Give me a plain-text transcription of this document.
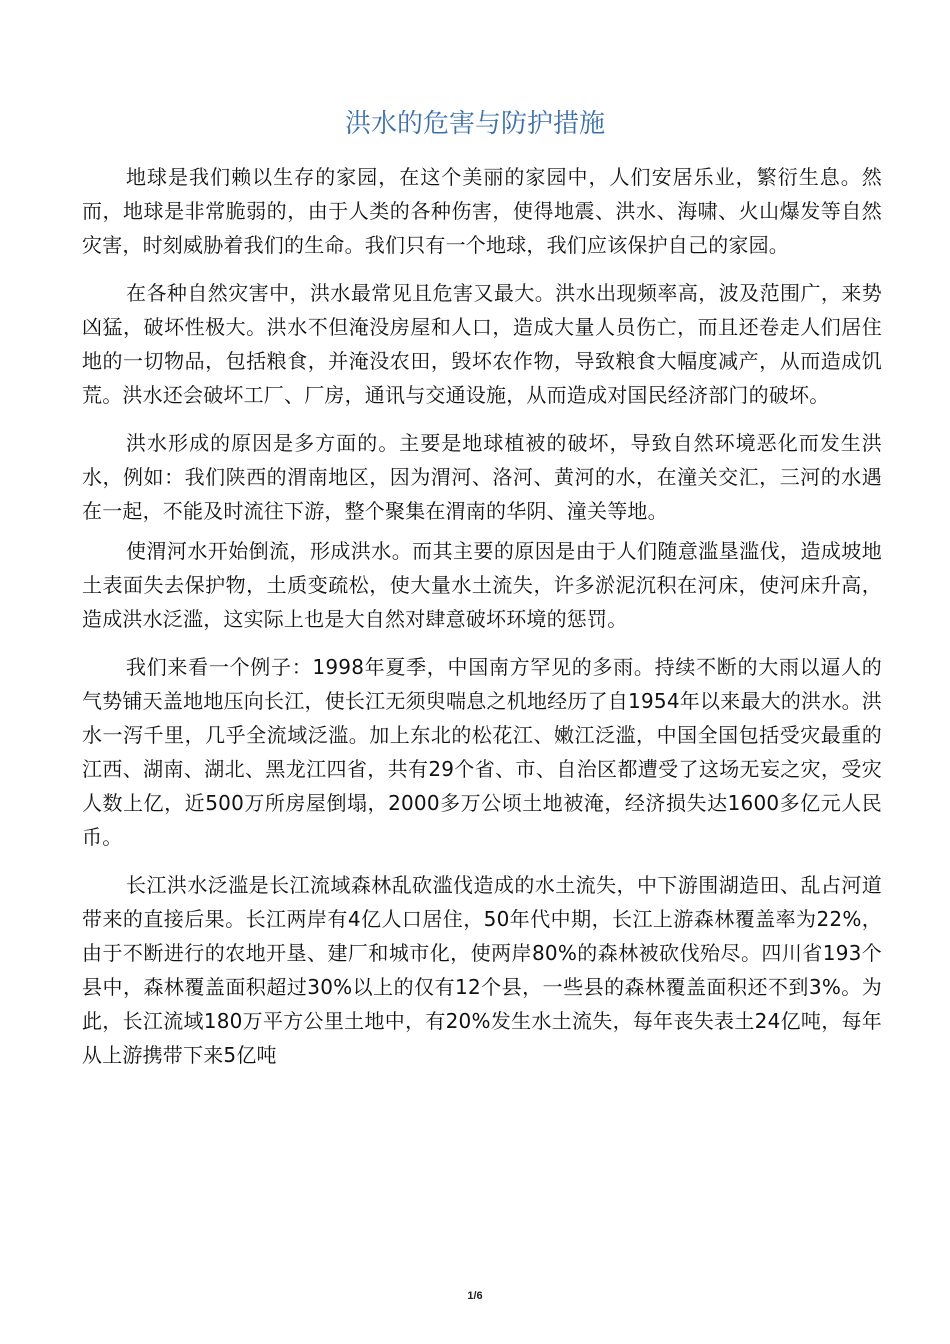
洪水的危害与防护措施

地球是我们赖以生存的家园，在这个美丽的家园中，人们安居乐业，繁衍生息。然而，地球是非常脆弱的，由于人类的各种伤害，使得地震、洪水、海啸、火山爆发等自然灾害，时刻威胁着我们的生命。我们只有一个地球，我们应该保护自己的家园。

在各种自然灾害中，洪水最常见且危害又最大。洪水出现频率高，波及范围广，来势凶猛，破坏性极大。洪水不但淹没房屋和人口，造成大量人员伤亡，而且还卷走人们居住地的一切物品，包括粮食，并淹没农田，毁坏农作物，导致粮食大幅度减产，从而造成饥荒。洪水还会破坏工厂、厂房，通讯与交通设施，从而造成对国民经济部门的破坏。

洪水形成的原因是多方面的。主要是地球植被的破坏，导致自然环境恶化而发生洪水，例如：我们陕西的渭南地区，因为渭河、洛河、黄河的水，在潼关交汇，三河的水遇在一起，不能及时流往下游，整个聚集在渭南的华阴、潼关等地。

使渭河水开始倒流，形成洪水。而其主要的原因是由于人们随意滥垦滥伐，造成坡地土表面失去保护物，土质变疏松，使大量水土流失，许多淤泥沉积在河床，使河床升高，造成洪水泛滥，这实际上也是大自然对肆意破坏环境的惩罚。

我们来看一个例子：1998年夏季，中国南方罕见的多雨。持续不断的大雨以逼人的气势铺天盖地地压向长江，使长江无须臾喘息之机地经历了自1954年以来最大的洪水。洪水一泻千里，几乎全流域泛滥。加上东北的松花江、嫩江泛滥，中国全国包括受灾最重的江西、湖南、湖北、黑龙江四省，共有29个省、市、自治区都遭受了这场无妄之灾，受灾人数上亿，近500万所房屋倒塌，2000多万公顷土地被淹，经济损失达1600多亿元人民币。

长江洪水泛滥是长江流域森林乱砍滥伐造成的水土流失，中下游围湖造田、乱占河道带来的直接后果。长江两岸有4亿人口居住，50年代中期，长江上游森林覆盖率为22%，由于不断进行的农地开垦、建厂和城市化，使两岸80%的森林被砍伐殆尽。四川省193个县中，森林覆盖面积超过30%以上的仅有12个县，一些县的森林覆盖面积还不到3%。为此，长江流域180万平方公里土地中，有20%发生水土流失，每年丧失表土24亿吨，每年从上游携带下来5亿吨

1/6
